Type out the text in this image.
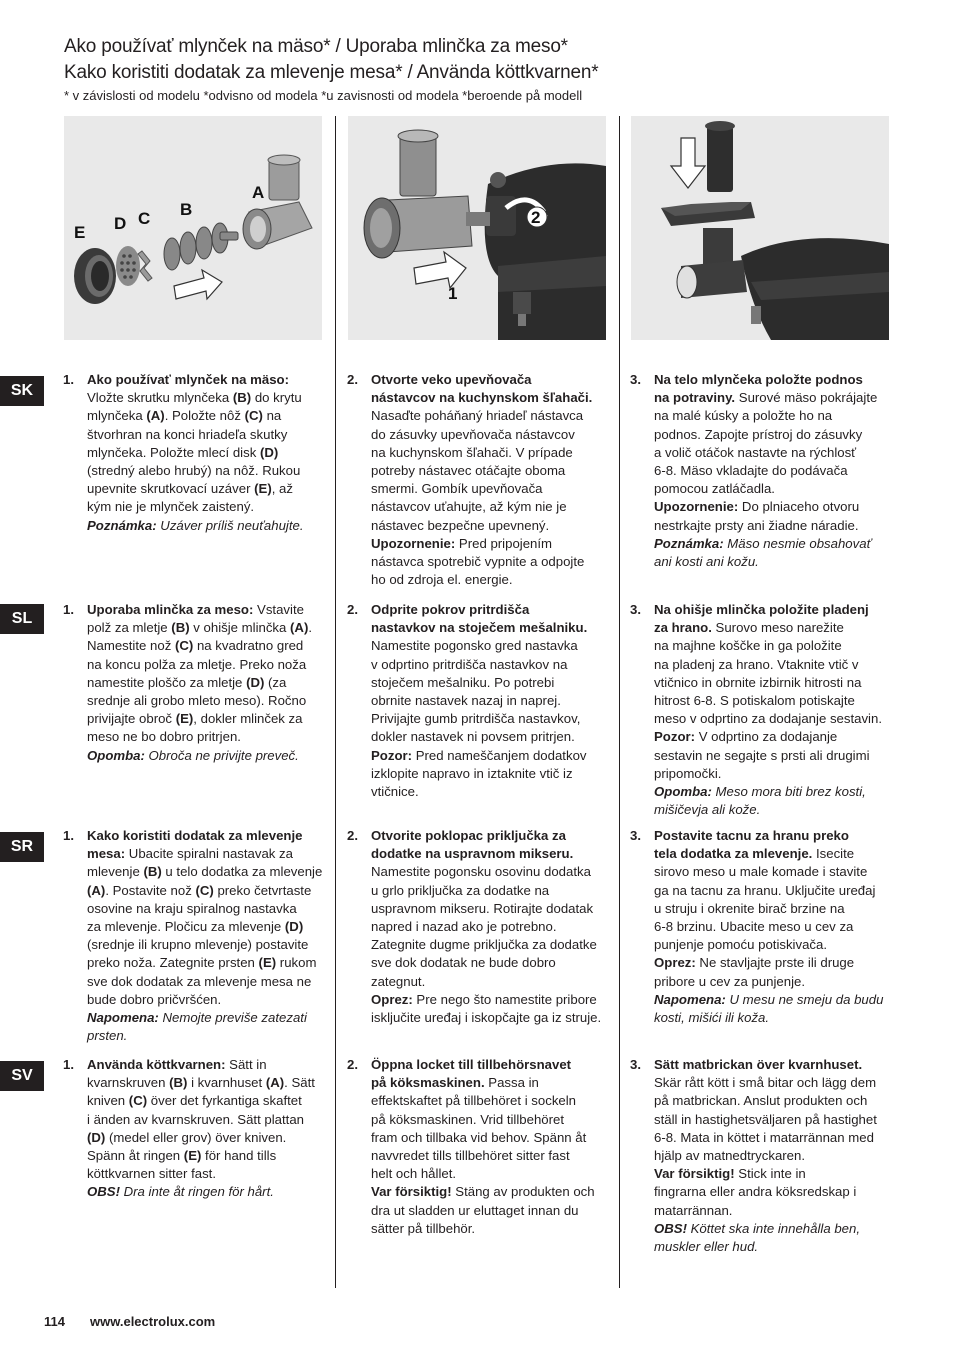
Ako používať mlynček na mäso* / Uporaba mlinčka za meso*
Kako koristiti dodatak za mlevenje mesa* / Använda köttkvarnen*
* v závislosti od modelu *odvisno od modela *u zavisnosti od modela *beroende på modell
A
B
C
D
E
2
1
SK
SL
SR
SV
1. Ako používať mlynček na mäso:
Vložte skrutku mlynčeka (B) do krytu
mlynčeka (A). Položte nôž (C) na
štvorhran na konci hriadeľa skutky
mlynčeka. Položte mlecí disk (D)
(stredný alebo hrubý) na nôž. Rukou
upevnite skrutkovací uzáver (E), až
kým nie je mlynček zaistený.
Poznámka: Uzáver príliš neuťahujte.
2. Otvorte veko upevňovača
nástavcov na kuchynskom šľahači.
Nasaďte poháňaný hriadeľ nástavca
do zásuvky upevňovača nástavcov
na kuchynskom šľahači. V prípade
potreby nástavec otáčajte oboma
smermi. Gombík upevňovača
nástavcov uťahujte, až kým nie je
nástavec bezpečne upevnený.
Upozornenie: Pred pripojením
nástavca spotrebič vypnite a odpojte
ho od zdroja el. energie.
3. Na telo mlynčeka položte podnos
na potraviny. Surové mäso pokrájajte
na malé kúsky a položte ho na
podnos. Zapojte prístroj do zásuvky
a volič otáčok nastavte na rýchlosť
6-8. Mäso vkladajte do podávača
pomocou zatláčadla.
Upozornenie: Do plniaceho otvoru
nestrkajte prsty ani žiadne náradie.
Poznámka: Mäso nesmie obsahovať
ani kosti ani kožu.
1. Uporaba mlinčka za meso: Vstavite
polž za mletje (B) v ohišje mlinčka (A).
Namestite nož (C) na kvadratno gred
na koncu polža za mletje. Preko noža
namestite ploščo za mletje (D) (za
srednje ali grobo mleto meso). Ročno
privijajte obroč (E), dokler mlinček za
meso ne bo dobro pritrjen.
Opomba: Obroča ne privijte preveč.
2. Odprite pokrov pritrdišča
nastavkov na stoječem mešalniku.
Namestite pogonsko gred nastavka
v odprtino pritrdišča nastavkov na
stoječem mešalniku. Po potrebi
obrnite nastavek nazaj in naprej.
Privijajte gumb pritrdišča nastavkov,
dokler nastavek ni povsem pritrjen.
Pozor: Pred nameščanjem dodatkov
izklopite napravo in iztaknite vtič iz
vtičnice.
3. Na ohišje mlinčka položite pladenj
za hrano. Surovo meso narežite
na majhne koščke in ga položite
na pladenj za hrano. Vtaknite vtič v
vtičnico in obrnite izbirnik hitrosti na
hitrost 6-8. S potiskalom potiskajte
meso v odprtino za dodajanje sestavin.
Pozor: V odprtino za dodajanje
sestavin ne segajte s prsti ali drugimi
pripomočki.
Opomba: Meso mora biti brez kosti,
mišičevja ali kože.
1. Kako koristiti dodatak za mlevenje
mesa: Ubacite spiralni nastavak za
mlevenje (B) u telo dodatka za mlevenje
(A). Postavite nož (C) preko četvrtaste
osovine na kraju spiralnog nastavka
za mlevenje. Pločicu za mlevenje (D)
(srednje ili krupno mlevenje) postavite
preko noža. Zategnite prsten (E) rukom
sve dok dodatak za mlevenje mesa ne
bude dobro pričvršćen.
Napomena: Nemojte previše zatezati
prsten.
2. Otvorite poklopac priključka za
dodatke na uspravnom mikseru.
Namestite pogonsku osovinu dodatka
u grlo priključka za dodatke na
uspravnom mikseru. Rotirajte dodatak
napred i nazad ako je potrebno.
Zategnite dugme priključka za dodatke
sve dok dodatak ne bude dobro
zategnut.
Oprez: Pre nego što namestite pribore
isključite uređaj i iskopčajte ga iz struje.
3. Postavite tacnu za hranu preko
tela dodatka za mlevenje. Isecite
sirovo meso u male komade i stavite
ga na tacnu za hranu. Uključite uređaj
u struju i okrenite birač brzine na
6-8 brzinu. Ubacite meso u cev za
punjenje pomoću potiskivača.
Oprez: Ne stavljajte prste ili druge
pribore u cev za punjenje.
Napomena: U mesu ne smeju da budu
kosti, mišići ili koža.
1. Använda köttkvarnen: Sätt in
kvarnskruven (B) i kvarnhuset (A). Sätt
kniven (C) över det fyrkantiga skaftet
i änden av kvarnskruven. Sätt plattan
(D) (medel eller grov) över kniven.
Spänn åt ringen (E) för hand tills
köttkvarnen sitter fast.
OBS! Dra inte åt ringen för hårt.
2. Öppna locket till tillbehörsnavet
på köksmaskinen. Passa in
effektskaftet på tillbehöret i sockeln
på köksmaskinen. Vrid tillbehöret
fram och tillbaka vid behov. Spänn åt
navvredet tills tillbehöret sitter fast
helt och hållet.
Var försiktig! Stäng av produkten och
dra ut sladden ur eluttaget innan du
sätter på tillbehör.
3. Sätt matbrickan över kvarnhuset.
Skär rått kött i små bitar och lägg dem
på matbrickan. Anslut produkten och
ställ in hastighetsväljaren på hastighet
6-8. Mata in köttet i matarrännan med
hjälp av matnedtryckaren.
Var försiktig! Stick inte in
fingrarna eller andra köksredskap i
matarrännan.
OBS! Köttet ska inte innehålla ben,
muskler eller hud.
114 www.electrolux.com
